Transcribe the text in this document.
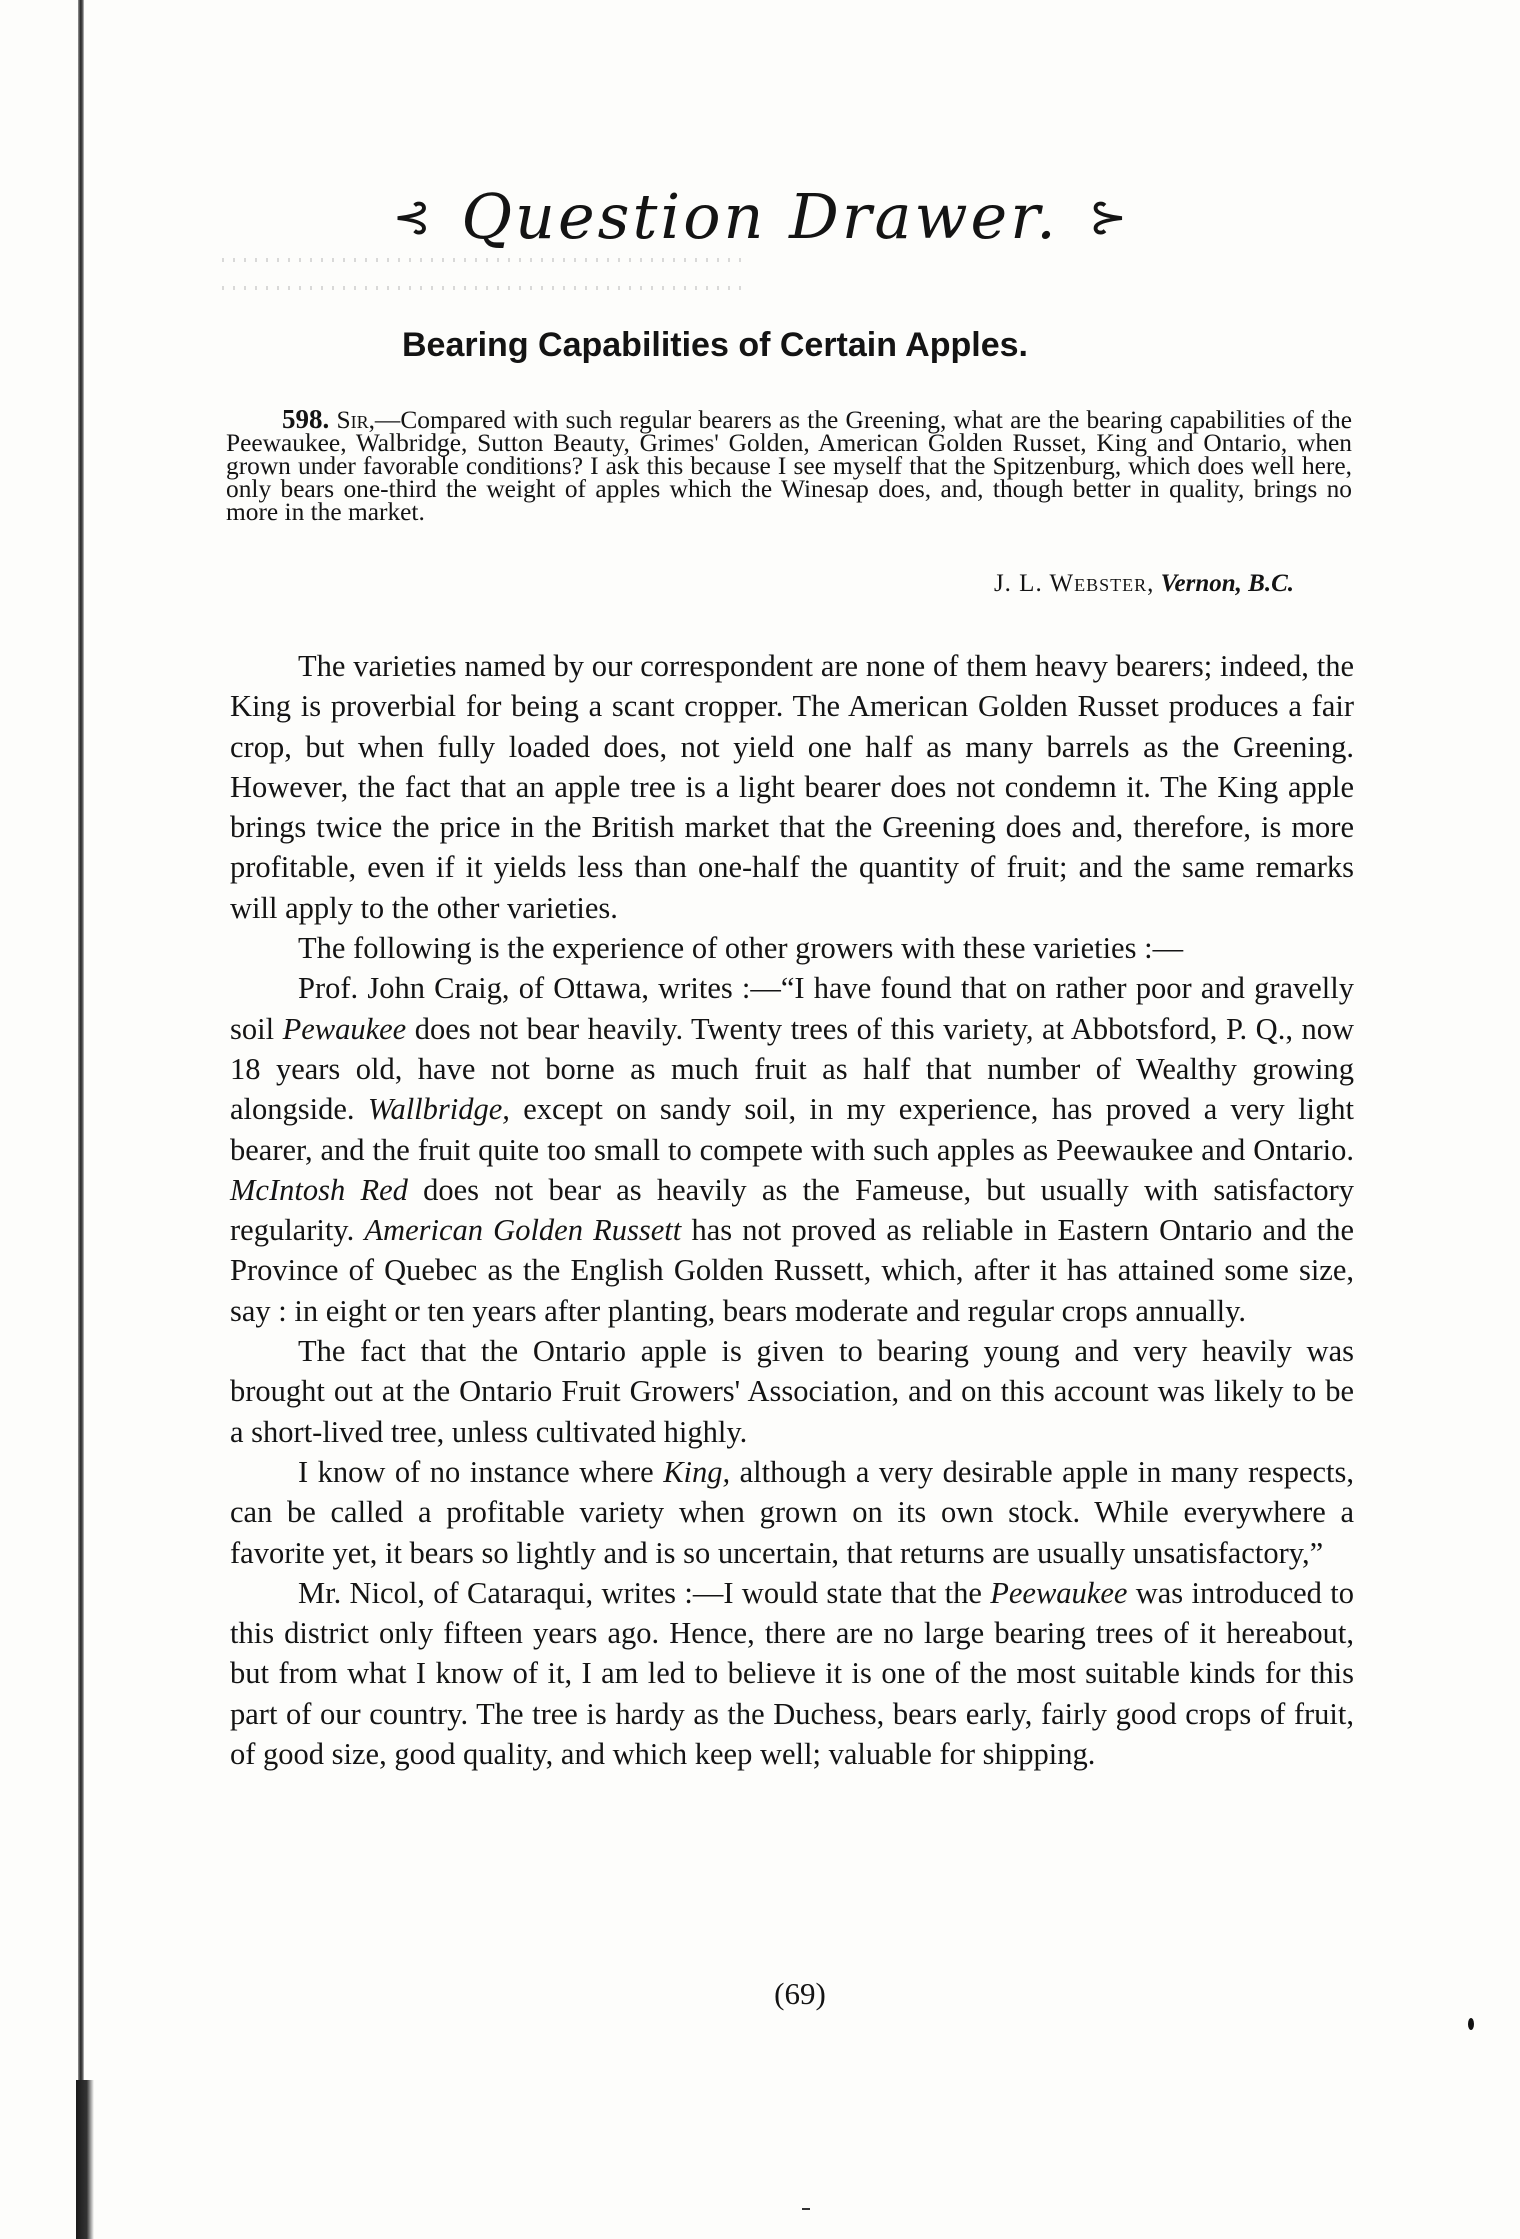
⊰ Question Drawer. ⊱
Bearing Capabilities of Certain Apples.
598. Sir,—Compared with such regular bearers as the Greening, what are the bearing capabilities of the Peewaukee, Walbridge, Sutton Beauty, Grimes' Golden, American Golden Russet, King and Ontario, when grown under favorable conditions? I ask this because I see myself that the Spitzenburg, which does well here, only bears one-third the weight of apples which the Winesap does, and, though better in quality, brings no more in the market.
J. L. Webster, Vernon, B.C.

The varieties named by our correspondent are none of them heavy bearers; indeed, the King is proverbial for being a scant cropper. The American Golden Russet produces a fair crop, but when fully loaded does, not yield one half as many barrels as the Greening. However, the fact that an apple tree is a light bearer does not condemn it. The King apple brings twice the price in the British market that the Greening does and, therefore, is more profitable, even if it yields less than one-half the quantity of fruit; and the same remarks will apply to the other varieties.

The following is the experience of other growers with these varieties :—

Prof. John Craig, of Ottawa, writes :—“I have found that on rather poor and gravelly soil Pewaukee does not bear heavily. Twenty trees of this variety, at Abbotsford, P. Q., now 18 years old, have not borne as much fruit as half that number of Wealthy growing alongside. Wallbridge, except on sandy soil, in my experience, has proved a very light bearer, and the fruit quite too small to compete with such apples as Peewaukee and Ontario. McIntosh Red does not bear as heavily as the Fameuse, but usually with satisfactory regularity. American Golden Russett has not proved as reliable in Eastern Ontario and the Province of Quebec as the English Golden Russett, which, after it has attained some size, say : in eight or ten years after planting, bears moderate and regular crops annually.

The fact that the Ontario apple is given to bearing young and very heavily was brought out at the Ontario Fruit Growers' Association, and on this account was likely to be a short-lived tree, unless cultivated highly.

I know of no instance where King, although a very desirable apple in many respects, can be called a profitable variety when grown on its own stock. While everywhere a favorite yet, it bears so lightly and is so uncertain, that returns are usually unsatisfactory,”

Mr. Nicol, of Cataraqui, writes :—I would state that the Peewaukee was introduced to this district only fifteen years ago. Hence, there are no large bearing trees of it hereabout, but from what I know of it, I am led to believe it is one of the most suitable kinds for this part of our country. The tree is hardy as the Duchess, bears early, fairly good crops of fruit, of good size, good quality, and which keep well; valuable for shipping.

(69)
